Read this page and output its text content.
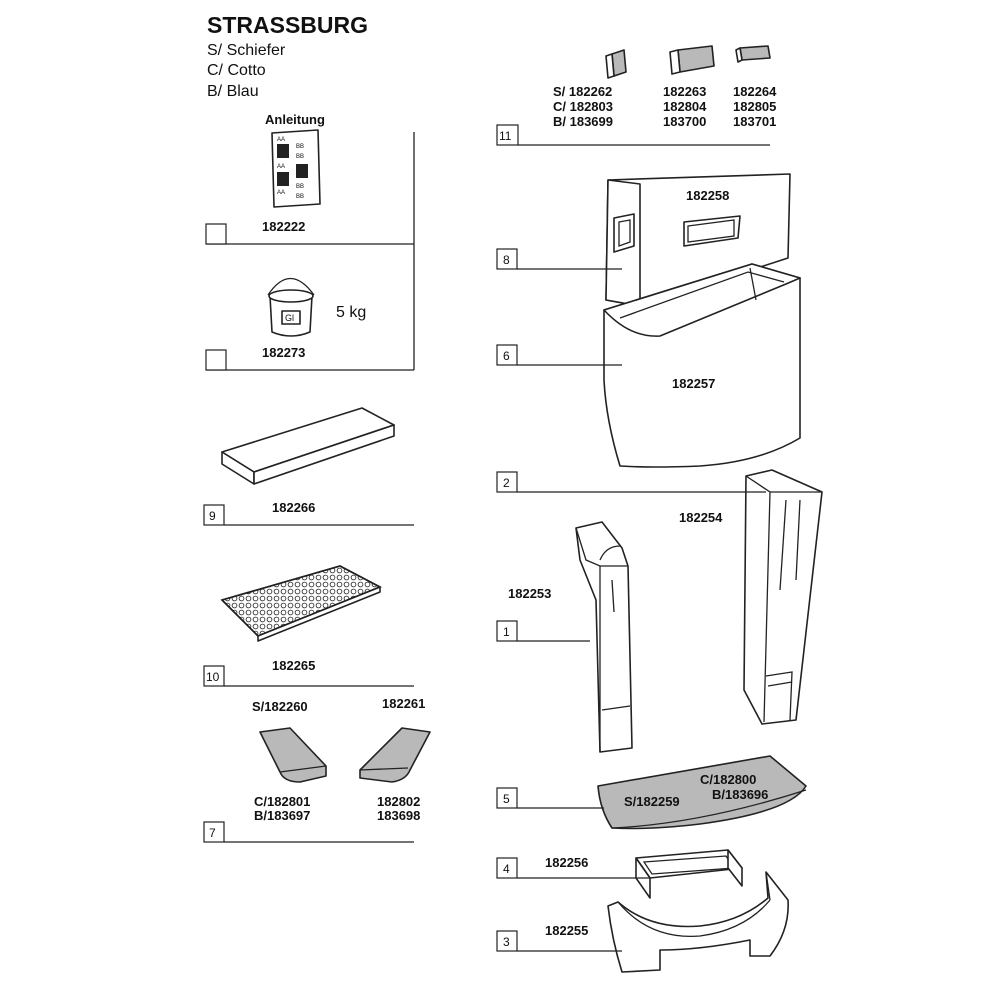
STRASSBURG
S/ Schiefer
C/ Cotto
B/ Blau
Anleitung
AA
BB
BB
AA
AA
BB
BB
182222
Gl	5 kg
182273
9
182266
10
182265
S/182260	182261
C/182801
B/183697
182802
183698
7
S/ 182262	182263 182264
C/ 182803	182804 182805
B/ 183699	183700 183701
11
182258
8
182257
6
182254
2
182253
1
C/182800
B/183696
S/182259
5
182256
4
182255
3
